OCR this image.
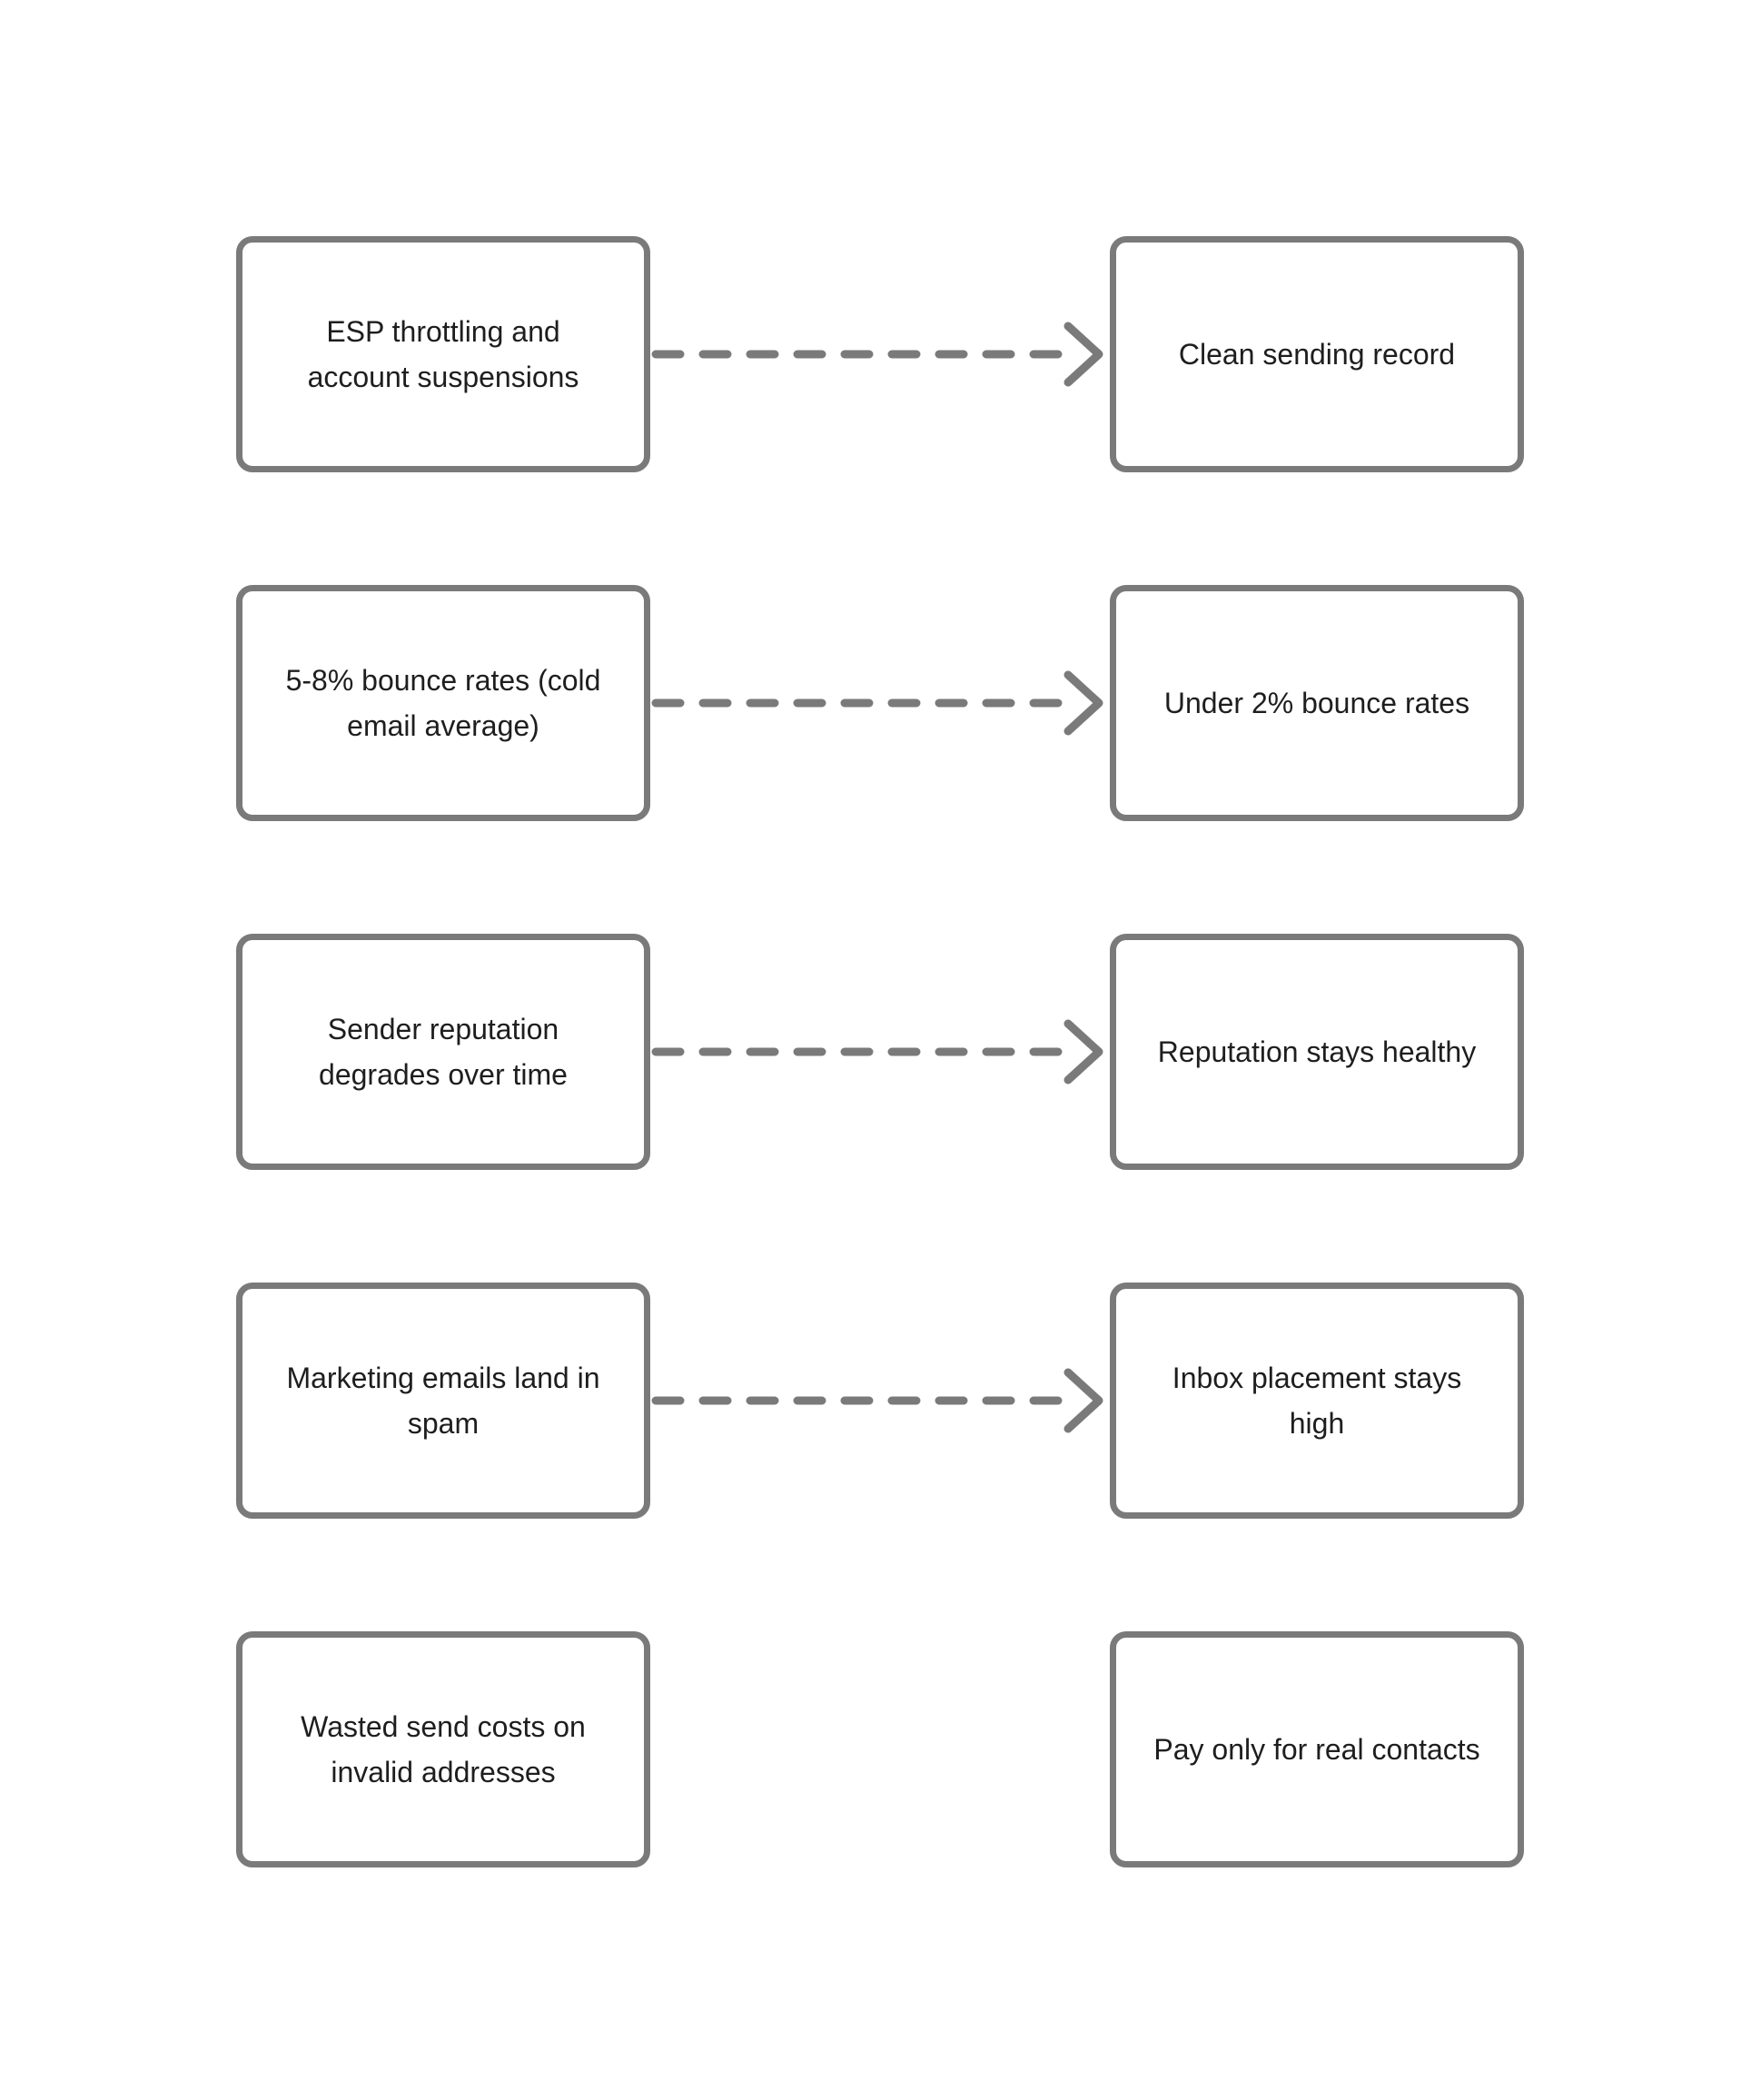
ESP throttling and
account suspensions
Clean sending record
5-8% bounce rates (cold
email average)
Under 2% bounce rates
Sender reputation
degrades over time
Reputation stays healthy
Marketing emails land in
spam
Inbox placement stays
high
Wasted send costs on
invalid addresses
Pay only for real contacts
